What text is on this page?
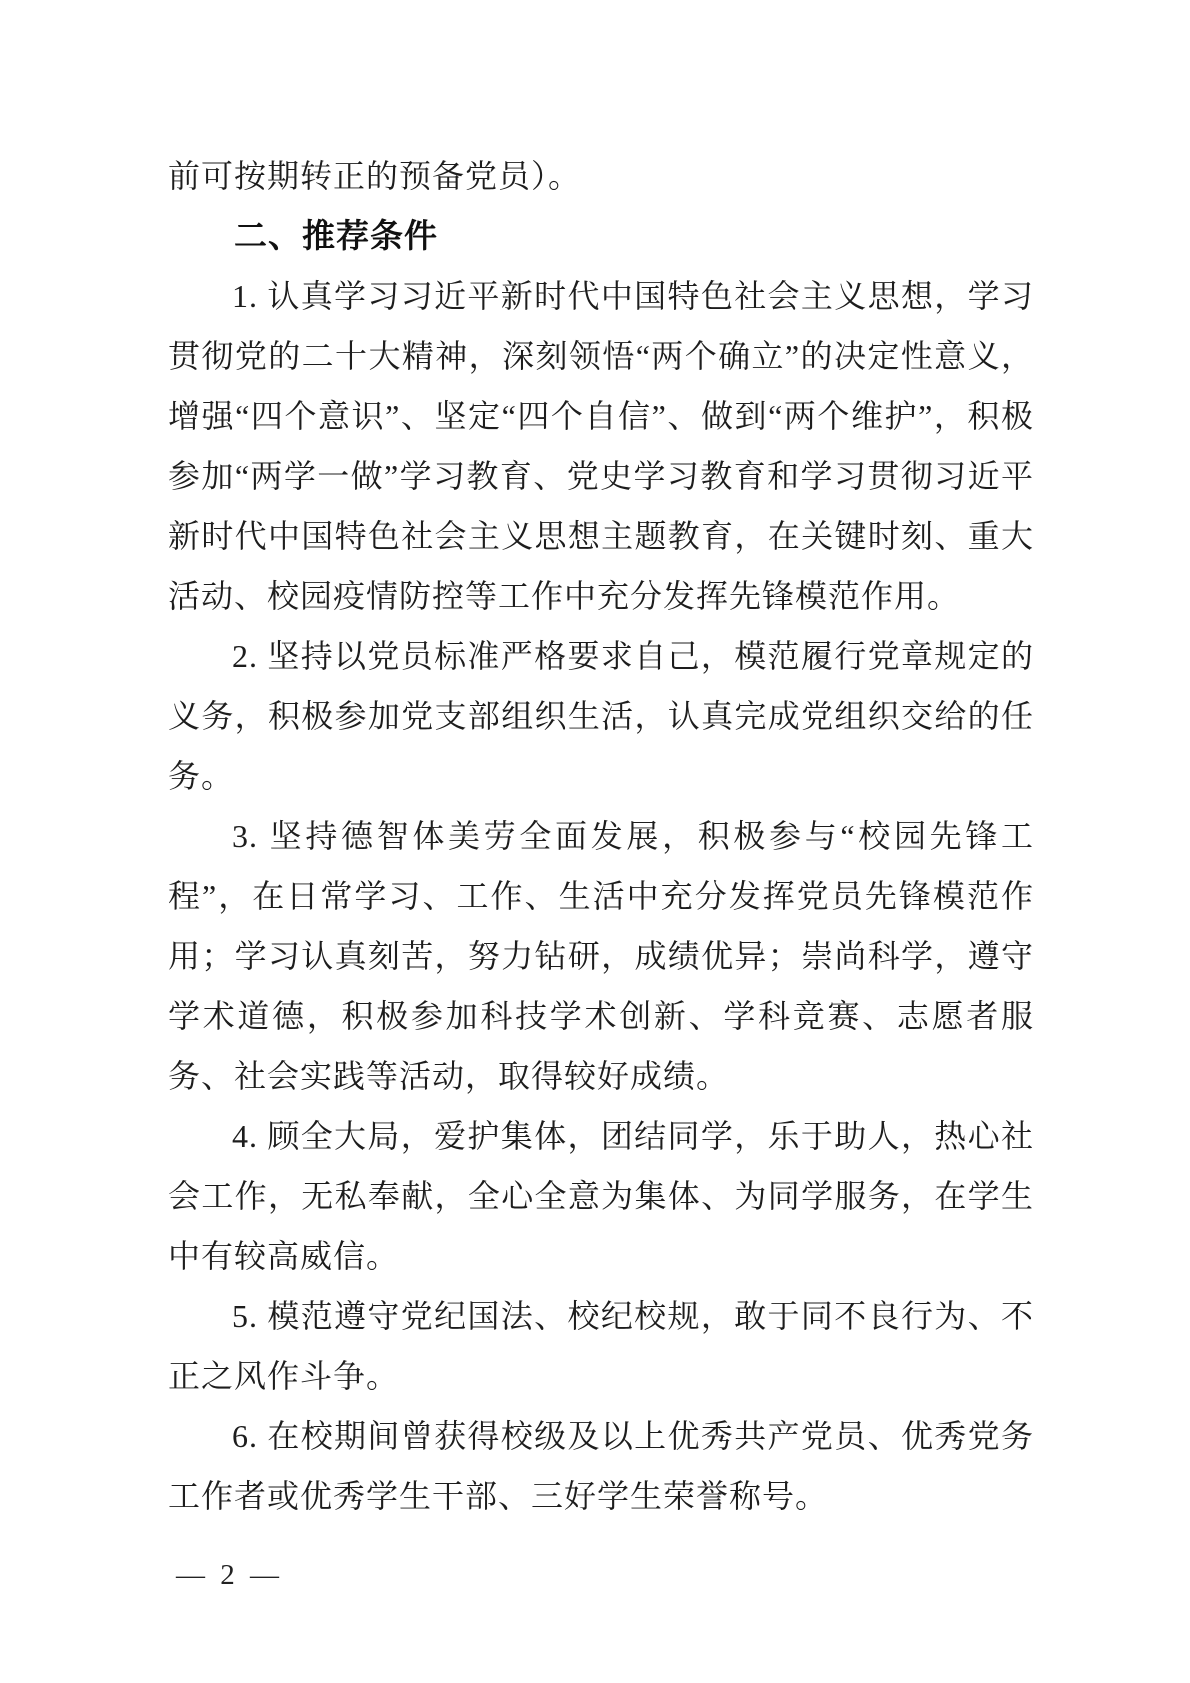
前可按期转正的预备党员）。

二、推荐条件

1. 认真学习习近平新时代中国特色社会主义思想，学习贯彻党的二十大精神，深刻领悟“两个确立”的决定性意义，增强“四个意识”、坚定“四个自信”、做到“两个维护”，积极参加“两学一做”学习教育、党史学习教育和学习贯彻习近平新时代中国特色社会主义思想主题教育，在关键时刻、重大活动、校园疫情防控等工作中充分发挥先锋模范作用。

2. 坚持以党员标准严格要求自己，模范履行党章规定的义务，积极参加党支部组织生活，认真完成党组织交给的任务。

3. 坚持德智体美劳全面发展，积极参与“校园先锋工程”，在日常学习、工作、生活中充分发挥党员先锋模范作用；学习认真刻苦，努力钻研，成绩优异；崇尚科学，遵守学术道德，积极参加科技学术创新、学科竞赛、志愿者服务、社会实践等活动，取得较好成绩。

4. 顾全大局，爱护集体，团结同学，乐于助人，热心社会工作，无私奉献，全心全意为集体、为同学服务，在学生中有较高威信。

5. 模范遵守党纪国法、校纪校规，敢于同不良行为、不正之风作斗争。

6. 在校期间曾获得校级及以上优秀共产党员、优秀党务工作者或优秀学生干部、三好学生荣誉称号。

— 2 —
